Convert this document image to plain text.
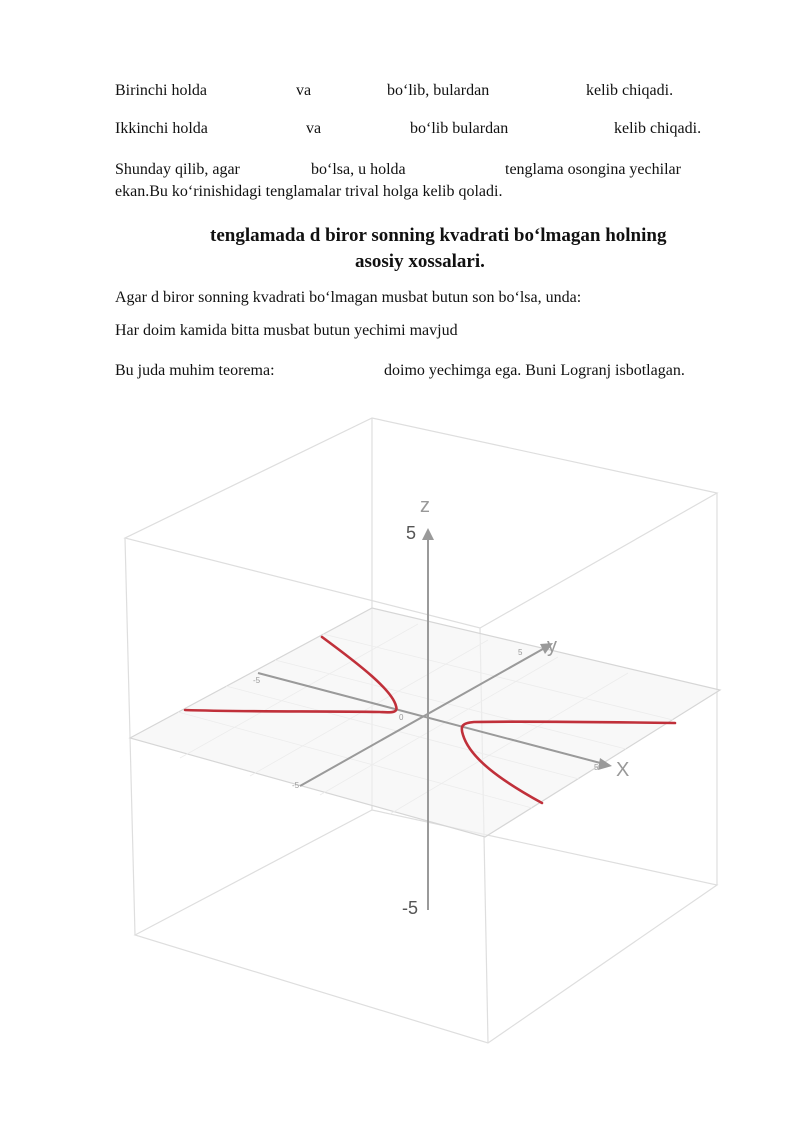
Birinchi holda	va	bo‘lib, bulardan	kelib chiqadi.
Ikkinchi holda	va	bo‘lib bulardan	kelib chiqadi.
Shunday qilib, agar	bo‘lsa, u holda	tenglama osongina yechilar
ekan.Bu ko‘rinishidagi tenglamalar trival holga kelib qoladi.
tenglamada d biror sonning kvadrati bo‘lmagan holning
asosiy xossalari.
Agar d biror sonning kvadrati bo‘lmagan musbat butun son bo‘lsa, unda:
Har doim kamida bitta musbat butun yechimi mavjud
Bu juda muhim teorema:	doimo yechimga ega. Buni Logranj isbotlagan.
z
y
X
5
-5
0
-5
-5
5
5
